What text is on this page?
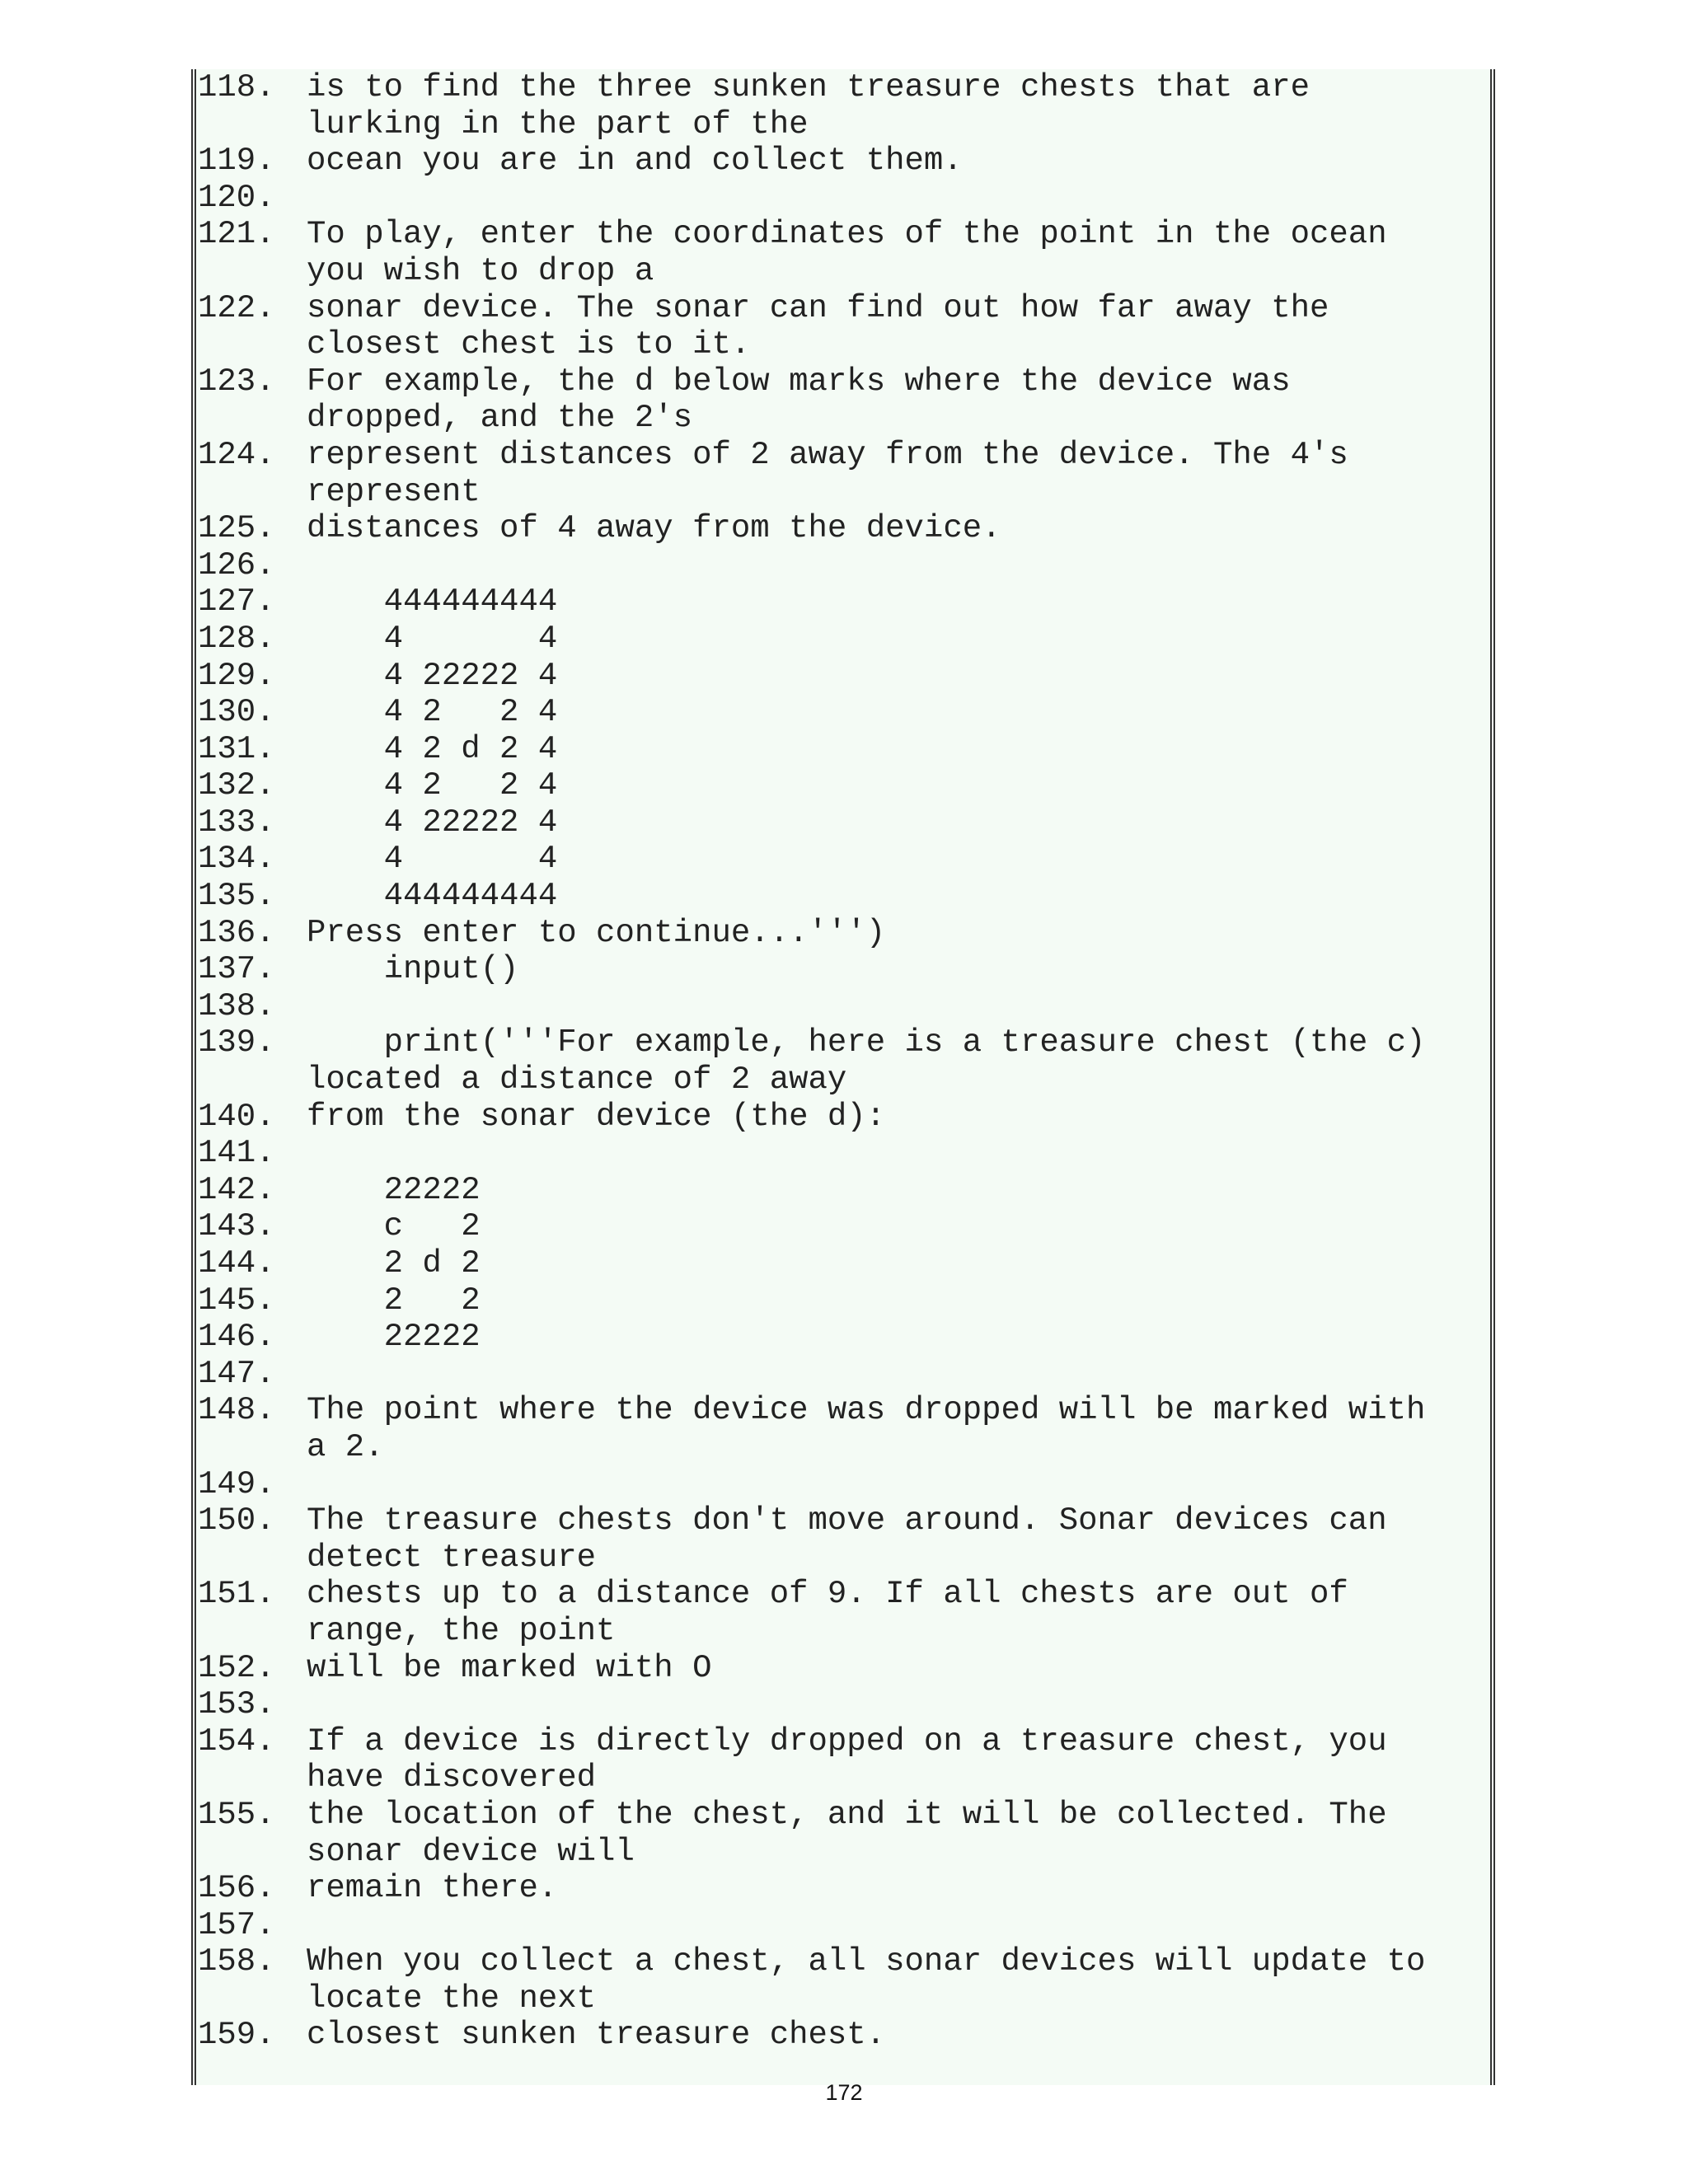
118. is to find the three sunken treasure chests that are
lurking in the part of the
119. ocean you are in and collect them.
120.
121. To play, enter the coordinates of the point in the ocean
you wish to drop a
122. sonar device. The sonar can find out how far away the
closest chest is to it.
123. For example, the d below marks where the device was
dropped, and the 2's
124. represent distances of 2 away from the device. The 4's
represent
125. distances of 4 away from the device.
126.
127. 444444444
128. 4       4
129. 4 22222 4
130. 4 2   2 4
131. 4 2 d 2 4
132. 4 2   2 4
133. 4 22222 4
134. 4       4
135. 444444444
136. Press enter to continue...''')
137. input()
138.
139.	print('''For example, here is a treasure chest (the c)
located a distance of 2 away
140. from the sonar device (the d):
141.
142. 22222
143. c   2
144. 2 d 2
145. 2   2
146. 22222
147.
148. The point where the device was dropped will be marked with
a 2.
149.
150. The treasure chests don't move around. Sonar devices can
detect treasure
151. chests up to a distance of 9. If all chests are out of
range, the point
152. will be marked with O
153.
154. If a device is directly dropped on a treasure chest, you
have discovered
155. the location of the chest, and it will be collected. The
sonar device will
156. remain there.
157.
158. When you collect a chest, all sonar devices will update to
locate the next
159. closest sunken treasure chest.
172
